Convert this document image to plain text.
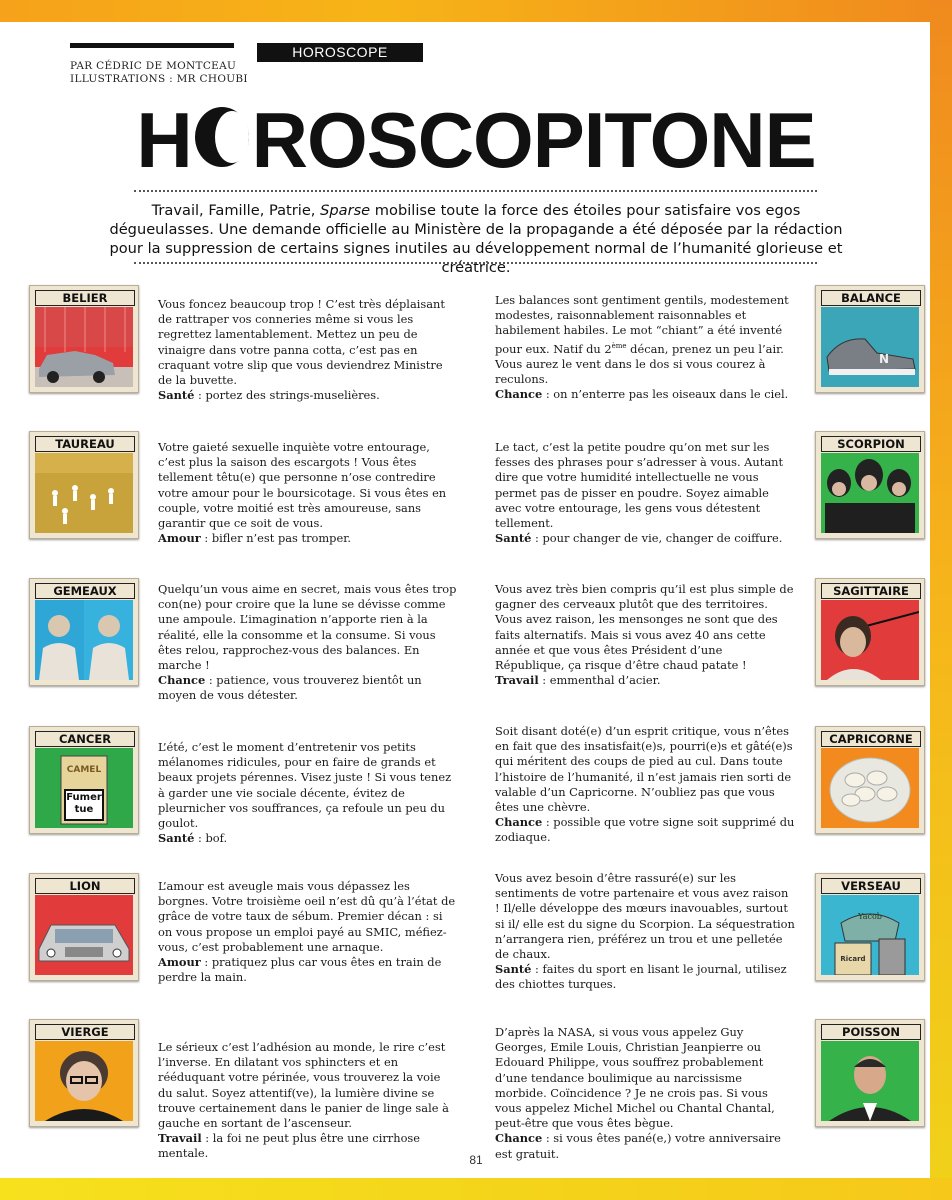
PAR CÉDRIC DE MONTCEAU
ILLUSTRATIONS : MR CHOUBI
HOROSCOPE
H ROSCOPITONE
Travail, Famille, Patrie, Sparse mobilise toute la force des étoiles pour satisfaire vos egos dégueulasses. Une demande officielle au Ministère de la propagande a été déposée par la rédaction pour la suppression de certains signes inutiles au développement normal de l’humanité glorieuse et créatrice.
BELIER
TAUREAU
GEMEAUX
CANCER
CAMEL
Fumer tue
LION
VIERGE
BALANCE
N
SCORPION
SAGITTAIRE
CAPRICORNE
VERSEAU
Yacob
Ricard
POISSON
Vous foncez beaucoup trop ! C’est très déplaisant de rattraper vos conneries même si vous les regrettez lamentablement. Mettez un peu de vinaigre dans votre panna cotta, c’est pas en craquant votre slip que vous deviendrez Ministre de la buvette.
Santé : portez des strings-muselières.
Votre gaieté sexuelle inquiète votre entourage, c’est plus la saison des escargots ! Vous êtes tellement têtu(e) que personne n’ose contredire votre amour pour le boursicotage. Si vous êtes en couple, votre moitié est très amoureuse, sans garantir que ce soit de vous.
Amour : bifler n’est pas tromper.
Quelqu’un vous aime en secret, mais vous êtes trop con(ne) pour croire que la lune se dévisse comme une ampoule. L’imagination n’apporte rien à la réalité, elle la consomme et la consume. Si vous êtes relou, rapprochez-vous des balances. En marche !
Chance : patience, vous trouverez bientôt un moyen de vous détester.
L’été, c’est le moment d’entretenir vos petits mélanomes ridicules, pour en faire de grands et beaux projets pérennes. Visez juste ! Si vous tenez à garder une vie sociale décente, évitez de pleurnicher vos souffrances, ça refoule un peu du goulot.
Santé : bof.
L’amour est aveugle mais vous dépassez les borgnes. Votre troisième oeil n’est dû qu’à l’état de grâce de votre taux de sébum. Premier décan : si on vous propose un emploi payé au SMIC, méfiez-vous, c’est probablement une arnaque.
Amour : pratiquez plus car vous êtes en train de perdre la main.
Le sérieux c’est l’adhésion au monde, le rire c’est l’inverse. En dilatant vos sphincters et en rééduquant votre périnée, vous trouverez la voie du salut. Soyez attentif(ve), la lumière divine se trouve certainement dans le panier de linge sale à gauche en sortant de l’ascenseur.
Travail : la foi ne peut plus être une cirrhose mentale.
Les balances sont gentiment gentils, modestement modestes, raisonnablement raisonnables et habilement habiles. Le mot “chiant” a été inventé pour eux. Natif du 2ème décan, prenez un peu l’air. Vous aurez le vent dans le dos si vous courez à reculons.
Chance : on n’enterre pas les oiseaux dans le ciel.
Le tact, c’est la petite poudre qu’on met sur les fesses des phrases pour s’adresser à vous. Autant dire que votre humidité intellectuelle ne vous permet pas de pisser en poudre. Soyez aimable avec votre entourage, les gens vous détestent tellement.
Santé : pour changer de vie, changer de coiffure.
Vous avez très bien compris qu’il est plus simple de gagner des cerveaux plutôt que des territoires. Vous avez raison, les mensonges ne sont que des faits alternatifs. Mais si vous avez 40 ans cette année et que vous êtes Président d’une République, ça risque d’être chaud patate !
Travail : emmenthal d’acier.
Soit disant doté(e) d’un esprit critique, vous n’êtes en fait que des insatisfait(e)s, pourri(e)s et gâté(e)s qui méritent des coups de pied au cul. Dans toute l’histoire de l’humanité, il n’est jamais rien sorti de valable d’un Capricorne. N’oubliez pas que vous êtes une chèvre.
Chance : possible que votre signe soit supprimé du zodiaque.
Vous avez besoin d’être rassuré(e) sur les sentiments de votre partenaire et vous avez raison ! Il/elle développe des mœurs inavouables, surtout si il/ elle est du signe du Scorpion. La séquestration n’arrangera rien, préférez un trou et une pelletée de chaux.
Santé : faites du sport en lisant le journal, utilisez des chiottes turques.
D’après la NASA, si vous vous appelez Guy Georges, Emile Louis, Christian Jeanpierre ou Edouard Philippe, vous souffrez probablement d’une tendance boulimique au narcissisme morbide. Coïncidence ? Je ne crois pas. Si vous vous appelez Michel Michel ou Chantal Chantal, peut-être que vous êtes bègue.
Chance : si vous êtes pané(e,) votre anniversaire est gratuit.
81
